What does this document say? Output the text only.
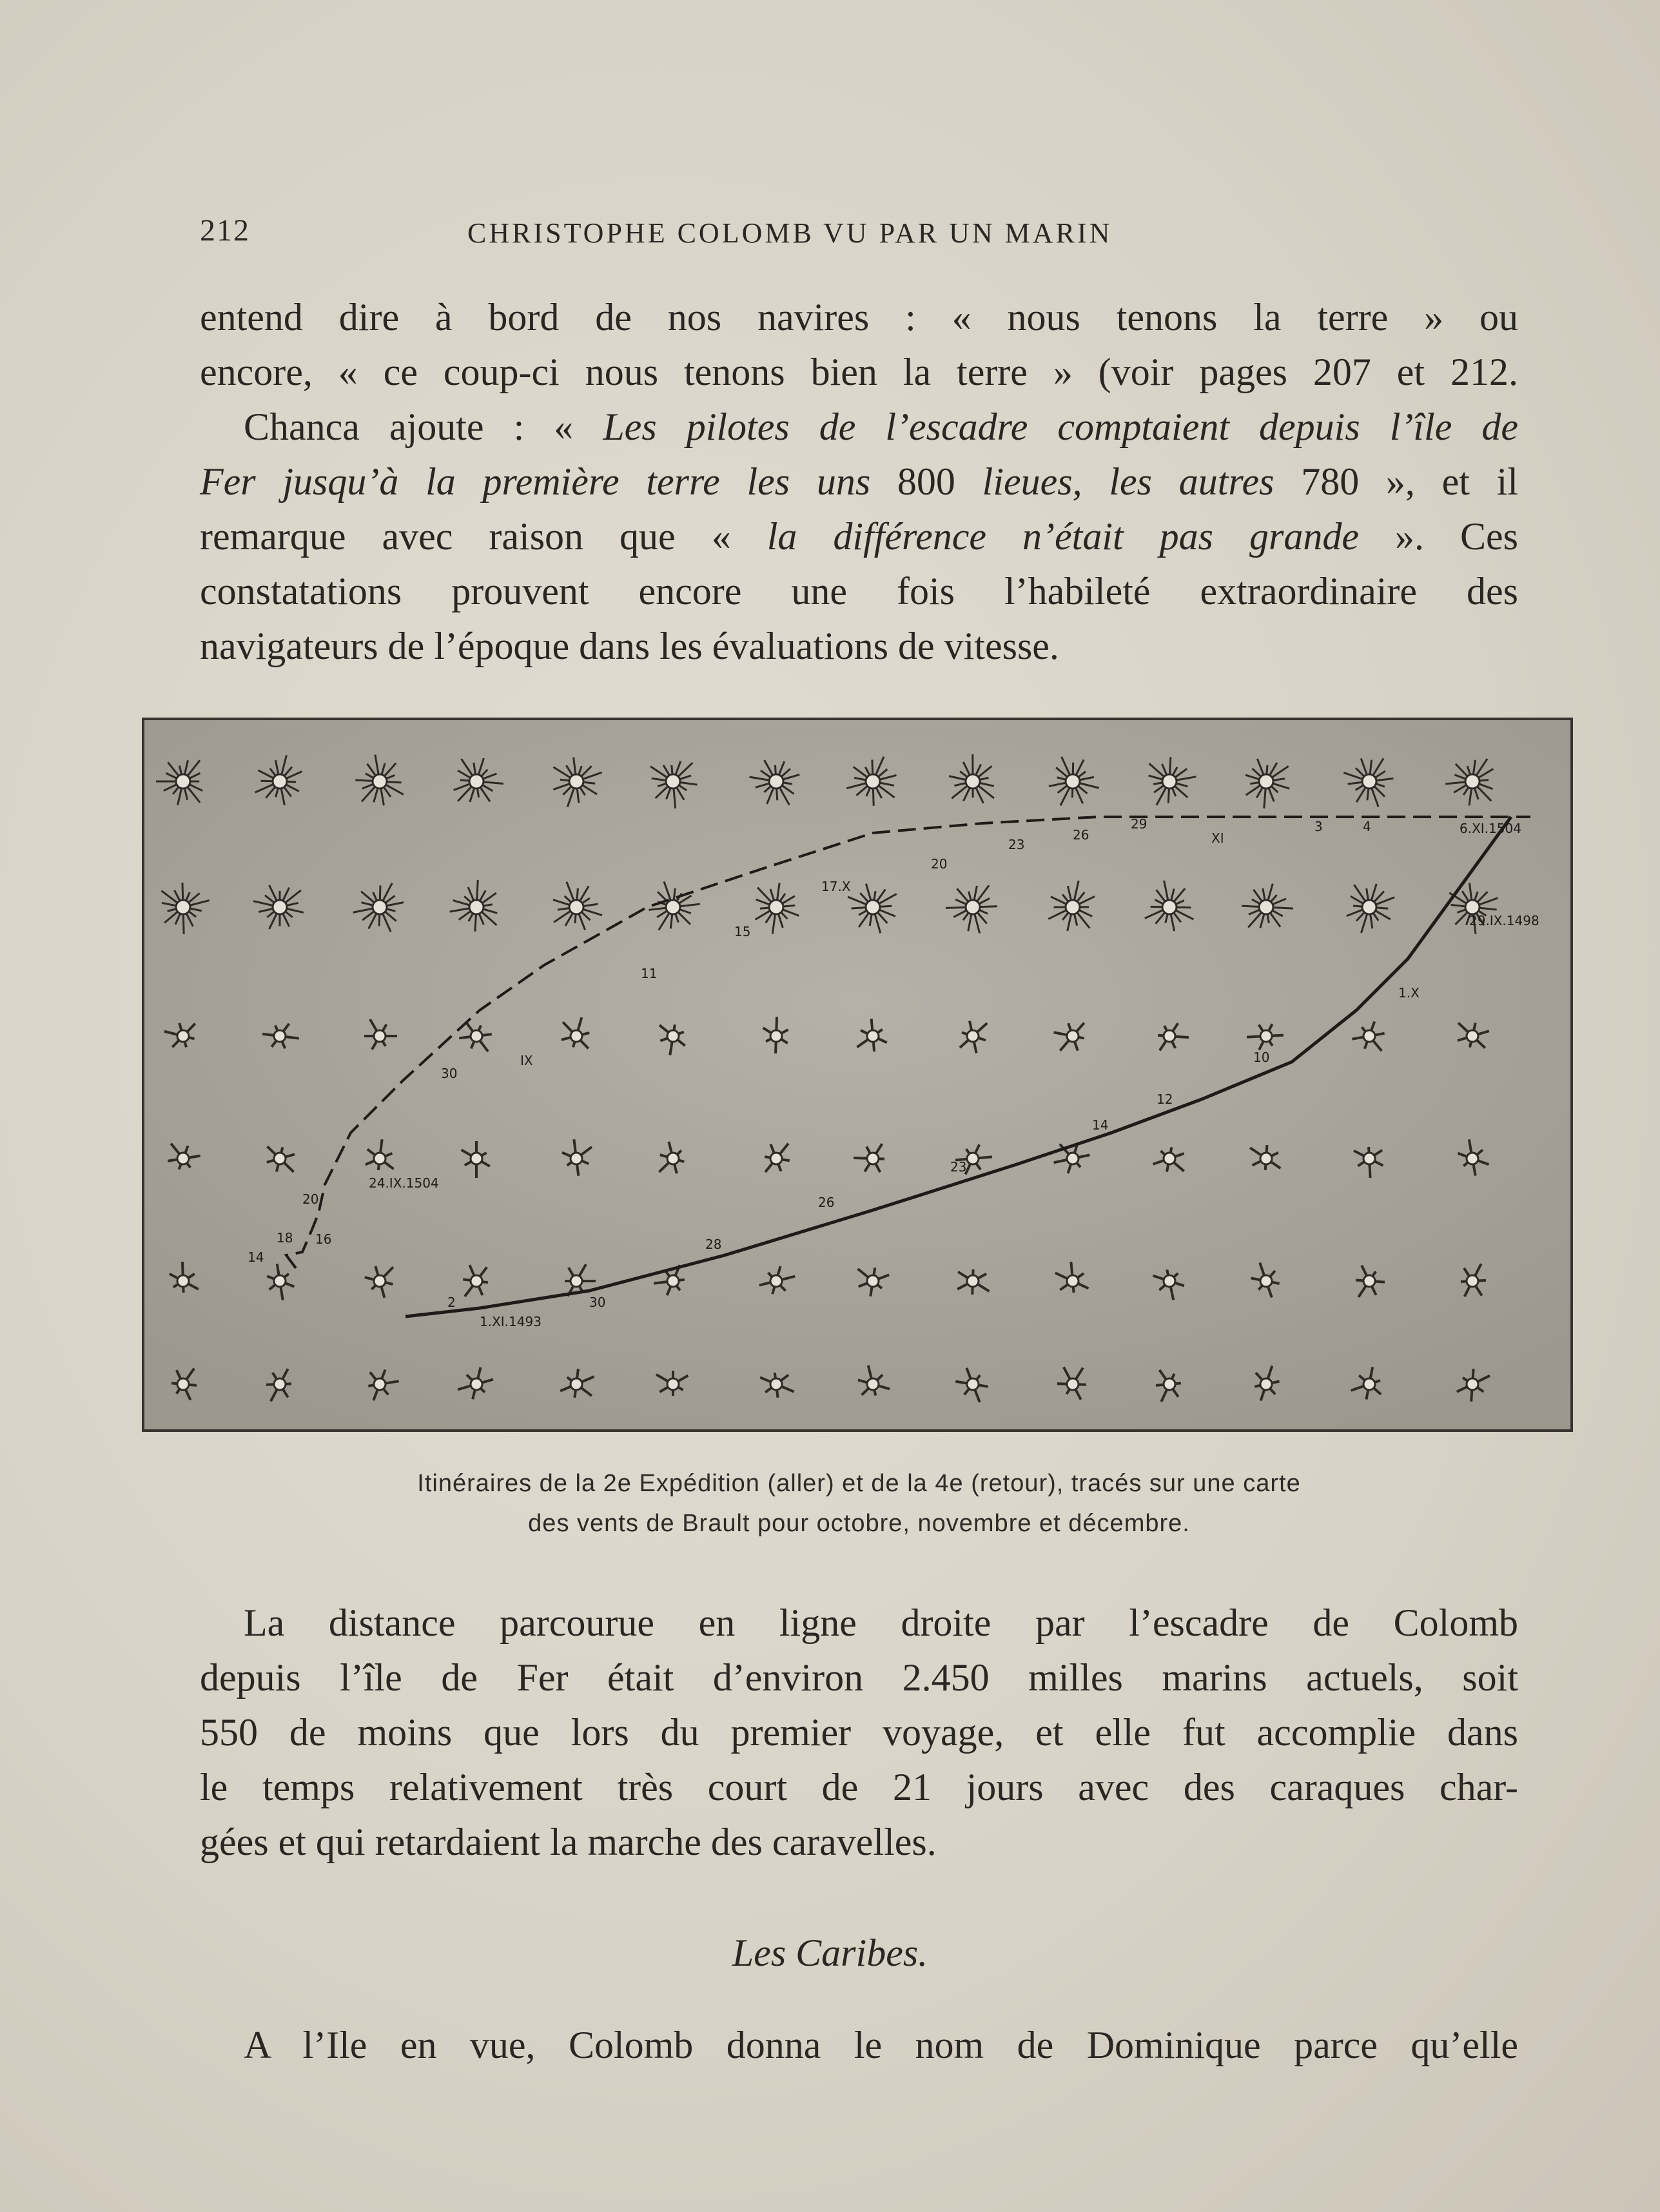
212	CHRISTOPHE COLOMB VU PAR UN MARIN
entend dire à bord de nos navires : « nous tenons la terre » ou
encore, « ce coup-ci nous tenons bien la terre » (voir pages 207 et 212.
Chanca ajoute : « Les pilotes de l’escadre comptaient depuis l’île de
Fer jusqu’à la première terre les uns 800 lieues, les autres 780 », et il
remarque avec raison que « la différence n’était pas grande ». Ces
constatations prouvent encore une fois l’habileté extraordinaire des
navigateurs de l’époque dans les évaluations de vitesse.
2	30
28
26
23
14
12
10
1.X
1.XI.1493
29.IX.1498
30
IX
11
15
17.X
20
23
26
29
XI
3	4
20
18 16
14
24.IX.1504
6.XI.1504
Itinéraires de la 2e Expédition (aller) et de la 4e (retour), tracés sur une carte
des vents de Brault pour octobre, novembre et décembre.
La distance parcourue en ligne droite par l’escadre de Colomb
depuis l’île de Fer était d’environ 2.450 milles marins actuels, soit
550 de moins que lors du premier voyage, et elle fut accomplie dans
le temps relativement très court de 21 jours avec des caraques char-
gées et qui retardaient la marche des caravelles.
Les Caribes.
A l’Ile en vue, Colomb donna le nom de Dominique parce qu’elle
